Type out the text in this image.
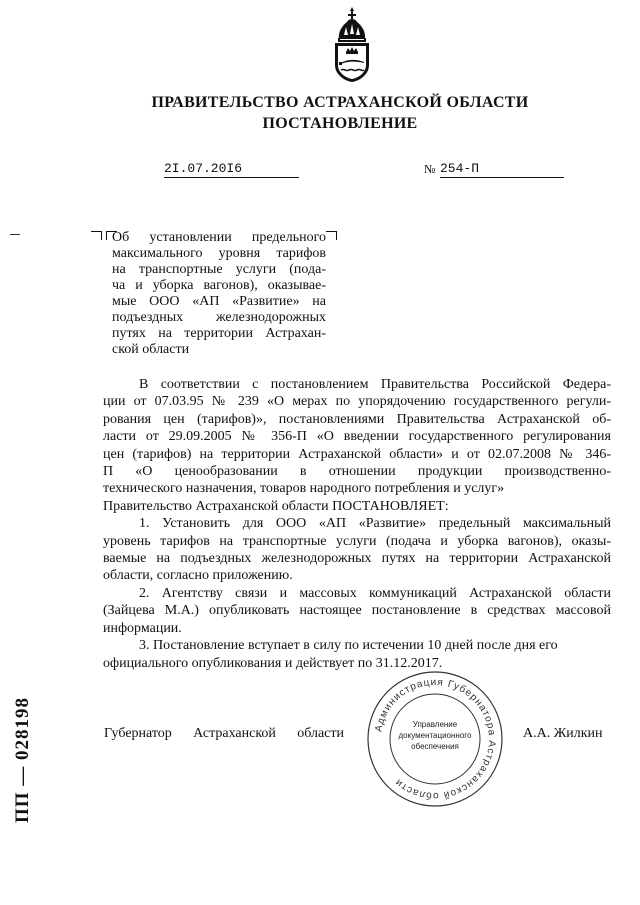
ПРАВИТЕЛЬСТВО АСТРАХАНСКОЙ ОБЛАСТИ
ПОСТАНОВЛЕНИЕ
2I.07.20I6	№ 254-П
Об установлении предельного
максимального уровня тарифов
на транспортные услуги (пода-
ча и уборка вагонов), оказывае-
мые ООО «АП «Развитие» на
подъездных железнодорожных
путях на территории Астрахан-
ской области
В соответствии с постановлением Правительства Российской Федера-
ции от 07.03.95 № 239 «О мерах по упорядочению государственного регули-
рования цен (тарифов)», постановлениями Правительства Астраханской об-
ласти от 29.09.2005 № 356-П «О введении государственного регулирования
цен (тарифов) на территории Астраханской области» и от 02.07.2008 № 346-
П «О ценообразовании в отношении продукции производственно-
технического назначения, товаров народного потребления и услуг»
Правительство Астраханской области ПОСТАНОВЛЯЕТ:
1. Установить для ООО «АП «Развитие» предельный максимальный
уровень тарифов на транспортные услуги (подача и уборка вагонов), оказы-
ваемые на подъездных железнодорожных путях на территории Астраханской
области, согласно приложению.
2. Агентству связи и массовых коммуникаций Астраханской области
(Зайцева М.А.) опубликовать настоящее постановление в средствах массовой
информации.
3. Постановление вступает в силу по истечении 10 дней после дня его
официального опубликования и действует по 31.12.2017.
Губернатор Астраханской области	Администрация Губернатора Астраханской области
Управление
документационного
обеспечения
А.А. Жилкин
ПП — 028198
